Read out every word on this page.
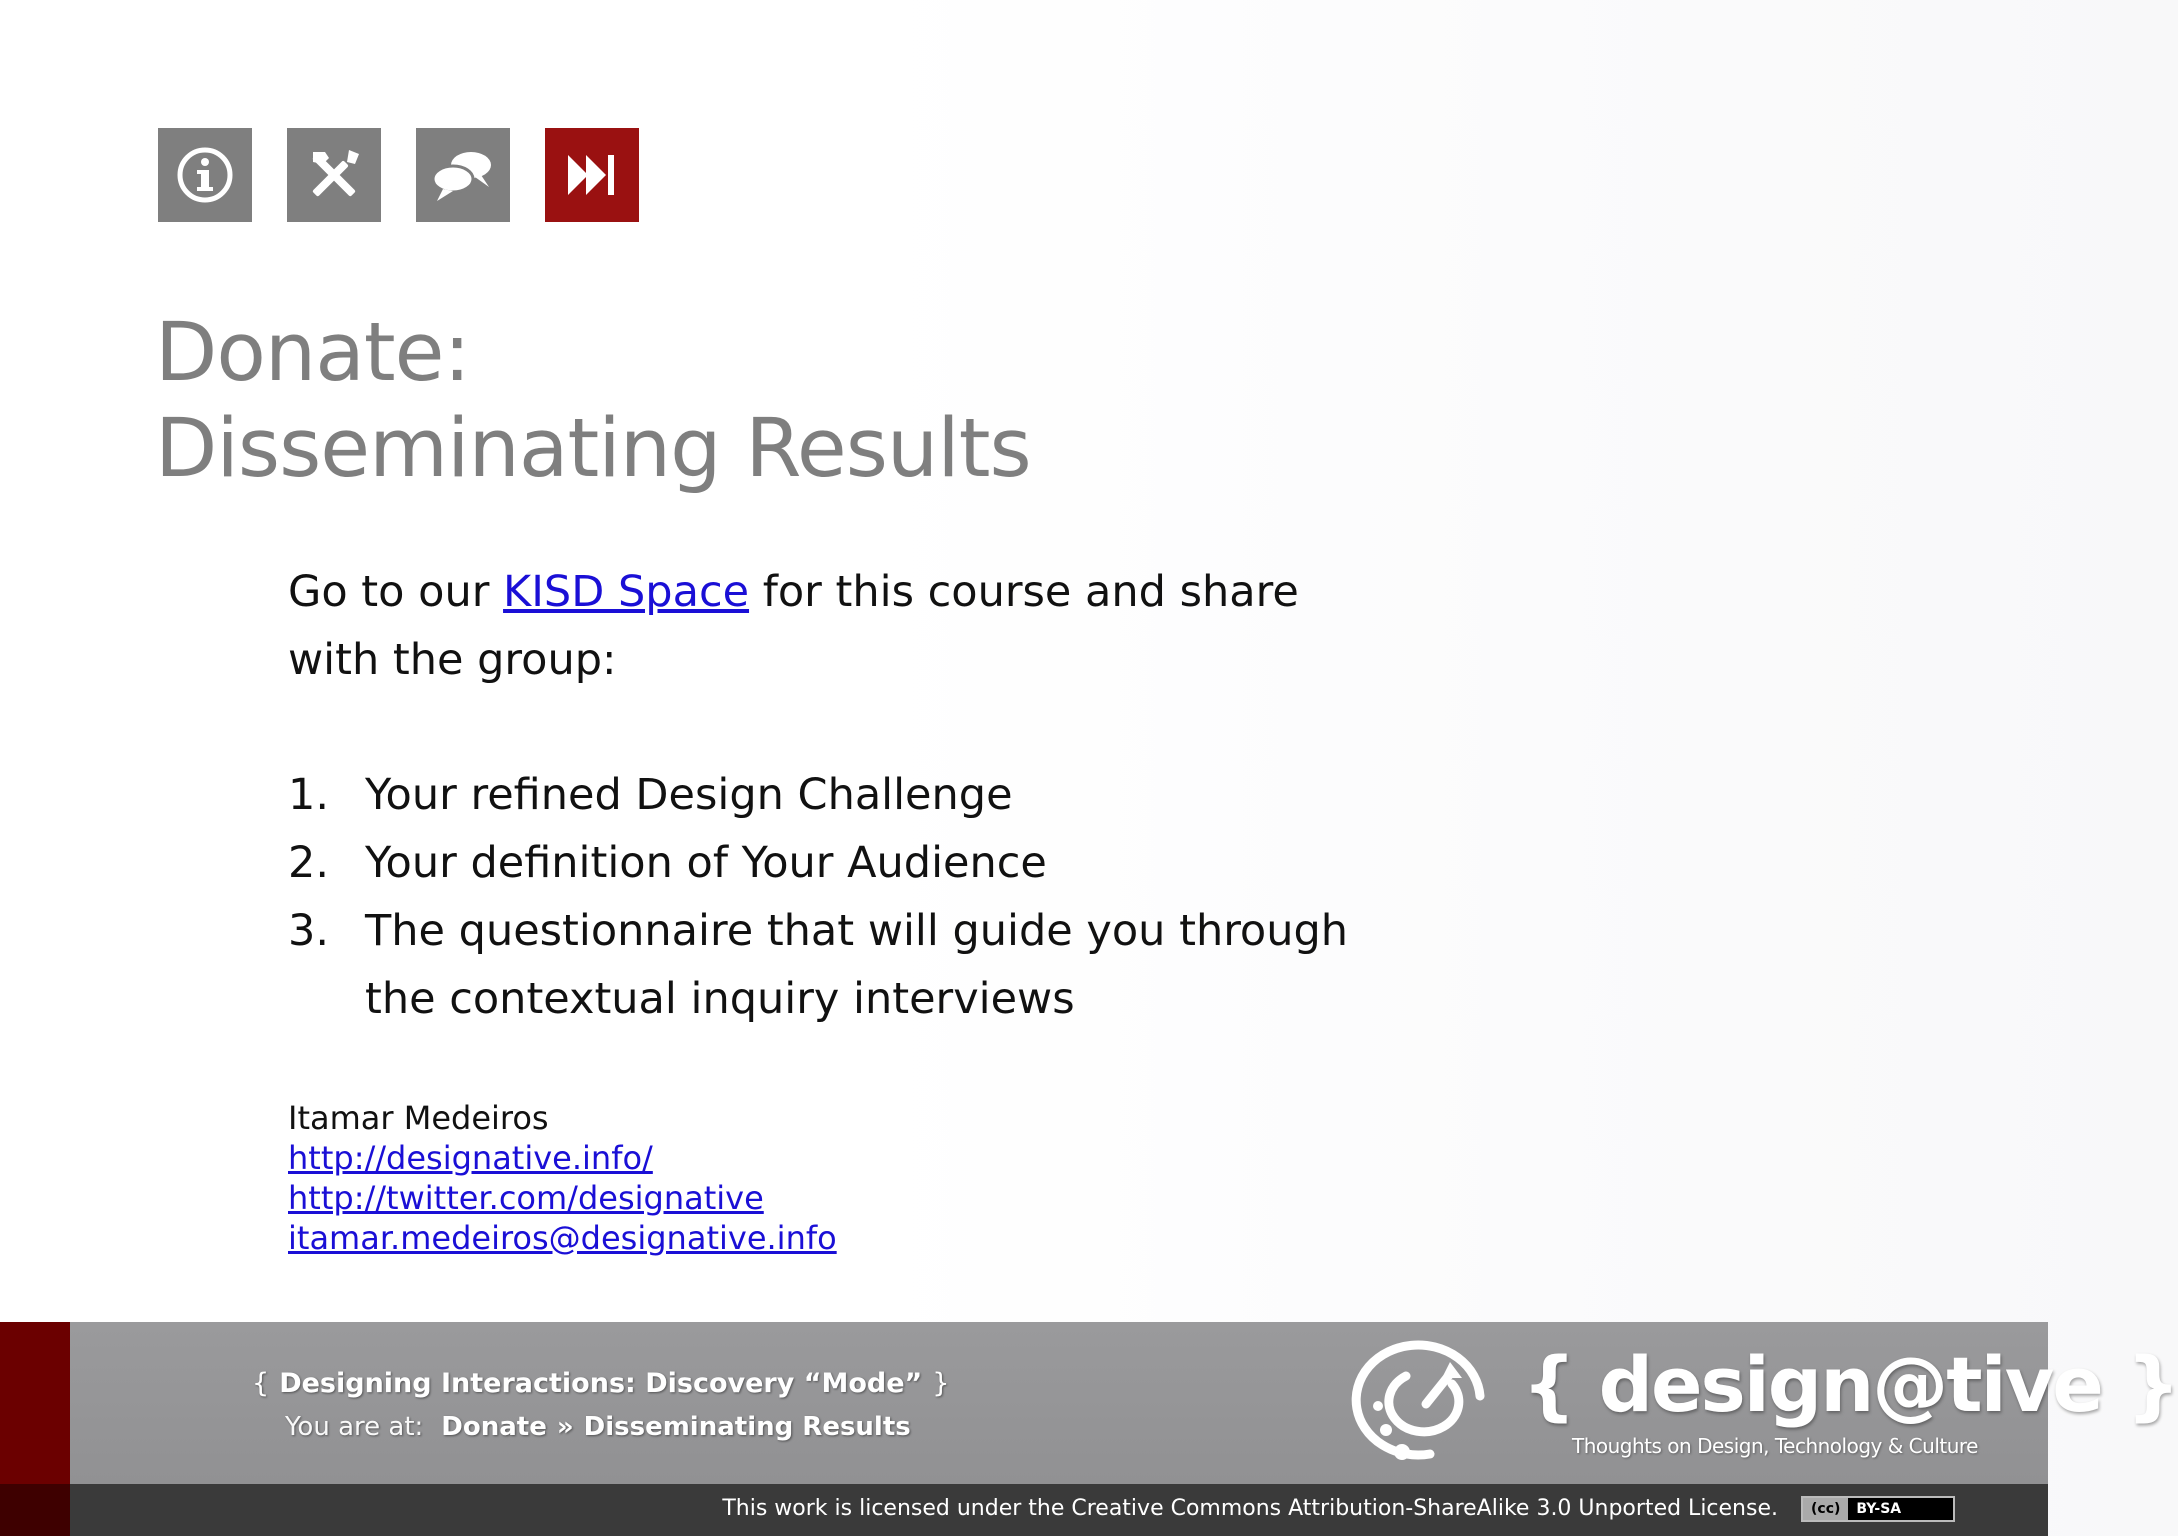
Donate:
Disseminating Results

Go to our KISD Space for this course and share with the group:

1. Your refined Design Challenge
2. Your definition of Your Audience
3. The questionnaire that will guide you through the contextual inquiry interviews
Itamar Medeiros
http://designative.info/
http://twitter.com/designative
itamar.medeiros@designative.info
{ Designing Interactions: Discovery “Mode” }
You are at: Donate » Disseminating Results	{ design@tive }
Thoughts on Design, Technology & Culture
This work is licensed under the Creative Commons Attribution-ShareAlike 3.0 Unported License.	(cc)	BY-SA
